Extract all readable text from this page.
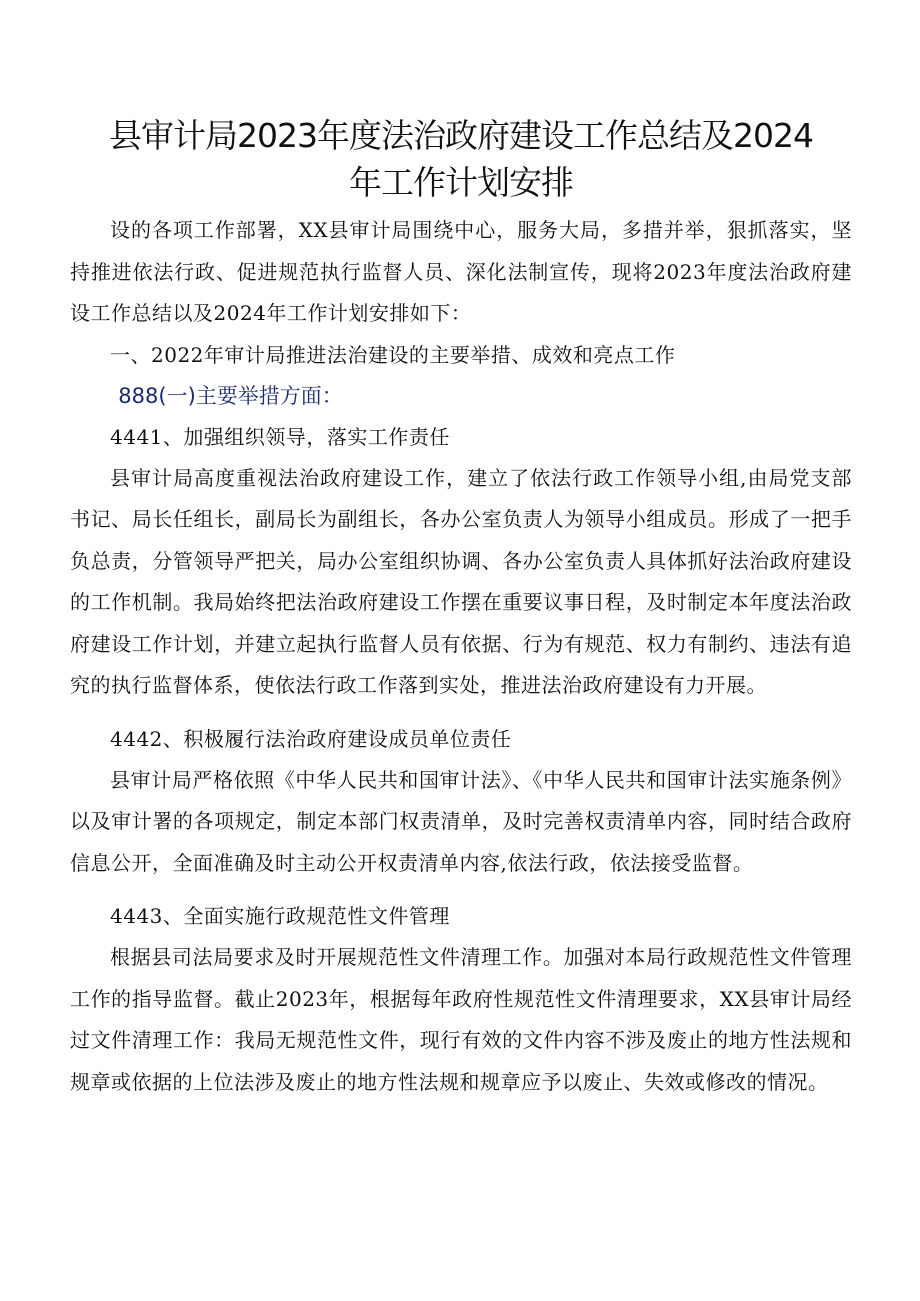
县审计局2023年度法治政府建设工作总结及2024
年工作计划安排

设的各项工作部署，XX县审计局围绕中心，服务大局，多措并举，狠抓落实，坚持推进依法行政、促进规范执行监督人员、深化法制宣传，现将2023年度法治政府建设工作总结以及2024年工作计划安排如下：

一、2022年审计局推进法治建设的主要举措、成效和亮点工作

888(一)主要举措方面：

4441、加强组织领导，落实工作责任

县审计局高度重视法治政府建设工作，建立了依法行政工作领导小组,由局党支部书记、局长任组长，副局长为副组长，各办公室负责人为领导小组成员。形成了一把手负总责，分管领导严把关，局办公室组织协调、各办公室负责人具体抓好法治政府建设的工作机制。我局始终把法治政府建设工作摆在重要议事日程，及时制定本年度法治政府建设工作计划，并建立起执行监督人员有依据、行为有规范、权力有制约、违法有追究的执行监督体系，使依法行政工作落到实处，推进法治政府建设有力开展。

4442、积极履行法治政府建设成员单位责任

县审计局严格依照《中华人民共和国审计法》、《中华人民共和国审计法实施条例》以及审计署的各项规定，制定本部门权责清单，及时完善权责清单内容，同时结合政府信息公开，全面准确及时主动公开权责清单内容,依法行政，依法接受监督。

4443、全面实施行政规范性文件管理

根据县司法局要求及时开展规范性文件清理工作。加强对本局行政规范性文件管理工作的指导监督。截止2023年，根据每年政府性规范性文件清理要求，XX县审计局经过文件清理工作：我局无规范性文件，现行有效的文件内容不涉及废止的地方性法规和规章或依据的上位法涉及废止的地方性法规和规章应予以废止、失效或修改的情况。
